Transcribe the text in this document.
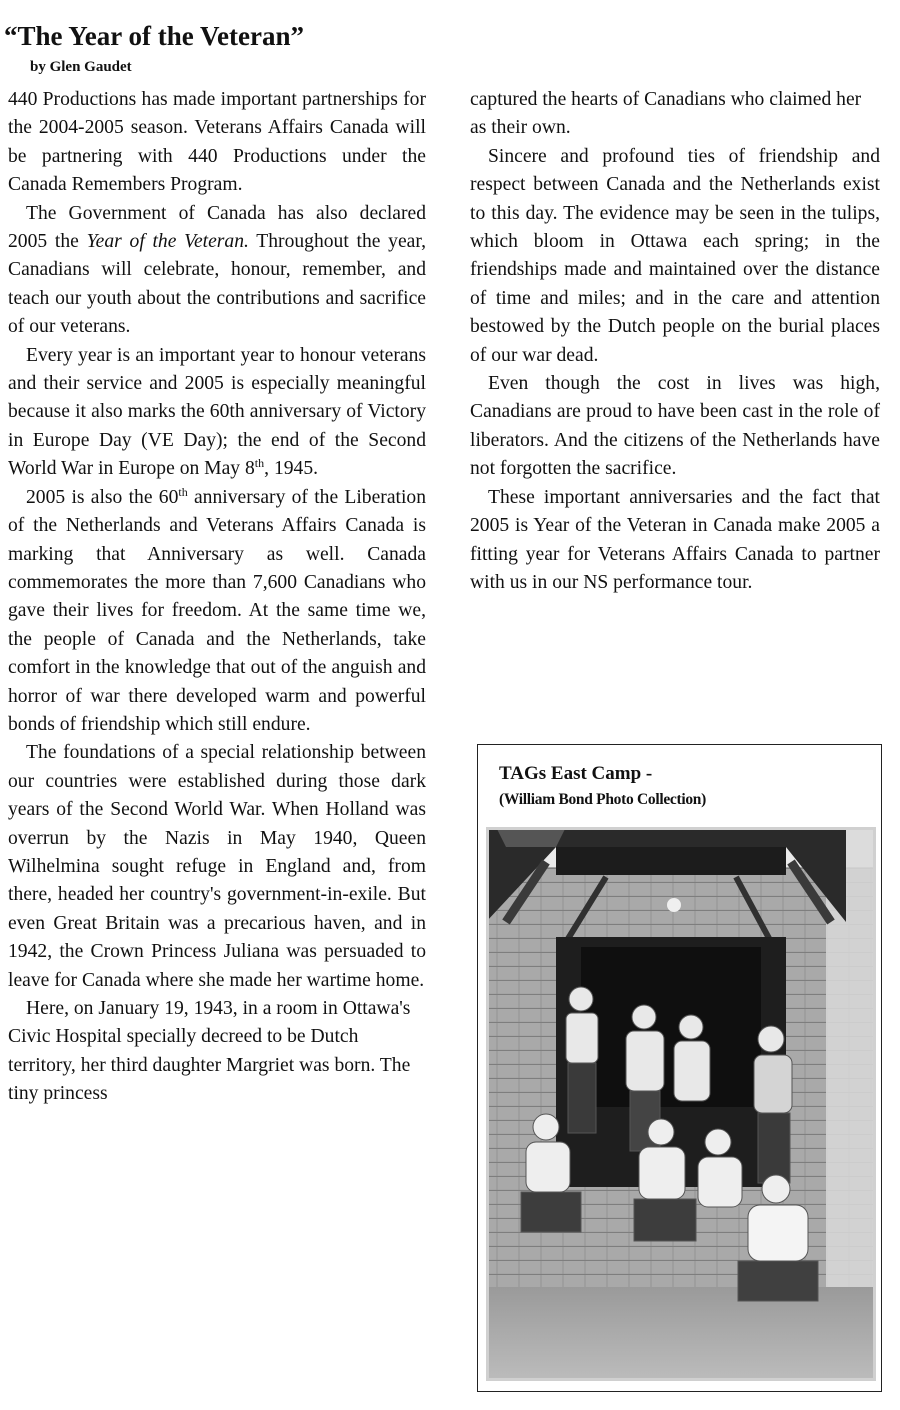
“The Year of the Veteran”
by Glen Gaudet

440 Productions has made important partnerships for the 2004-2005 season. Veterans Affairs Canada will be partnering with 440 Productions under the Canada Remembers Program.

The Government of Canada has also declared 2005 the Year of the Veteran. Throughout the year, Canadians will celebrate, honour, remember, and teach our youth about the contributions and sacrifice of our veterans.

Every year is an important year to honour veterans and their service and 2005 is especially meaningful because it also marks the 60th anniversary of Victory in Europe Day (VE Day); the end of the Second World War in Europe on May 8th, 1945.

2005 is also the 60th anniversary of the Liberation of the Netherlands and Veterans Affairs Canada is marking that Anniversary as well. Canada commemorates the more than 7,600 Canadians who gave their lives for freedom. At the same time we, the people of Canada and the Netherlands, take comfort in the knowledge that out of the anguish and horror of war there developed warm and powerful bonds of friendship which still endure.

The foundations of a special relationship between our countries were established during those dark years of the Second World War. When Holland was overrun by the Nazis in May 1940, Queen Wilhelmina sought refuge in England and, from there, headed her country's government-in-exile. But even Great Britain was a precarious haven, and in 1942, the Crown Princess Juliana was persuaded to leave for Canada where she made her wartime home.

Here, on January 19, 1943, in a room in Ottawa's Civic Hospital specially decreed to be Dutch territory, her third daughter Margriet was born. The tiny princess

captured the hearts of Canadians who claimed her as their own.

Sincere and profound ties of friendship and respect between Canada and the Netherlands exist to this day. The evidence may be seen in the tulips, which bloom in Ottawa each spring; in the friendships made and maintained over the distance of time and miles; and in the care and attention bestowed by the Dutch people on the burial places of our war dead.

Even though the cost in lives was high, Canadians are proud to have been cast in the role of liberators. And the citizens of the Netherlands have not forgotten the sacrifice.

These important anniversaries and the fact that 2005 is Year of the Veteran in Canada make 2005 a fitting year for Veterans Affairs Canada to partner with us in our NS performance tour.

TAGs East Camp -
(William Bond Photo Collection)
